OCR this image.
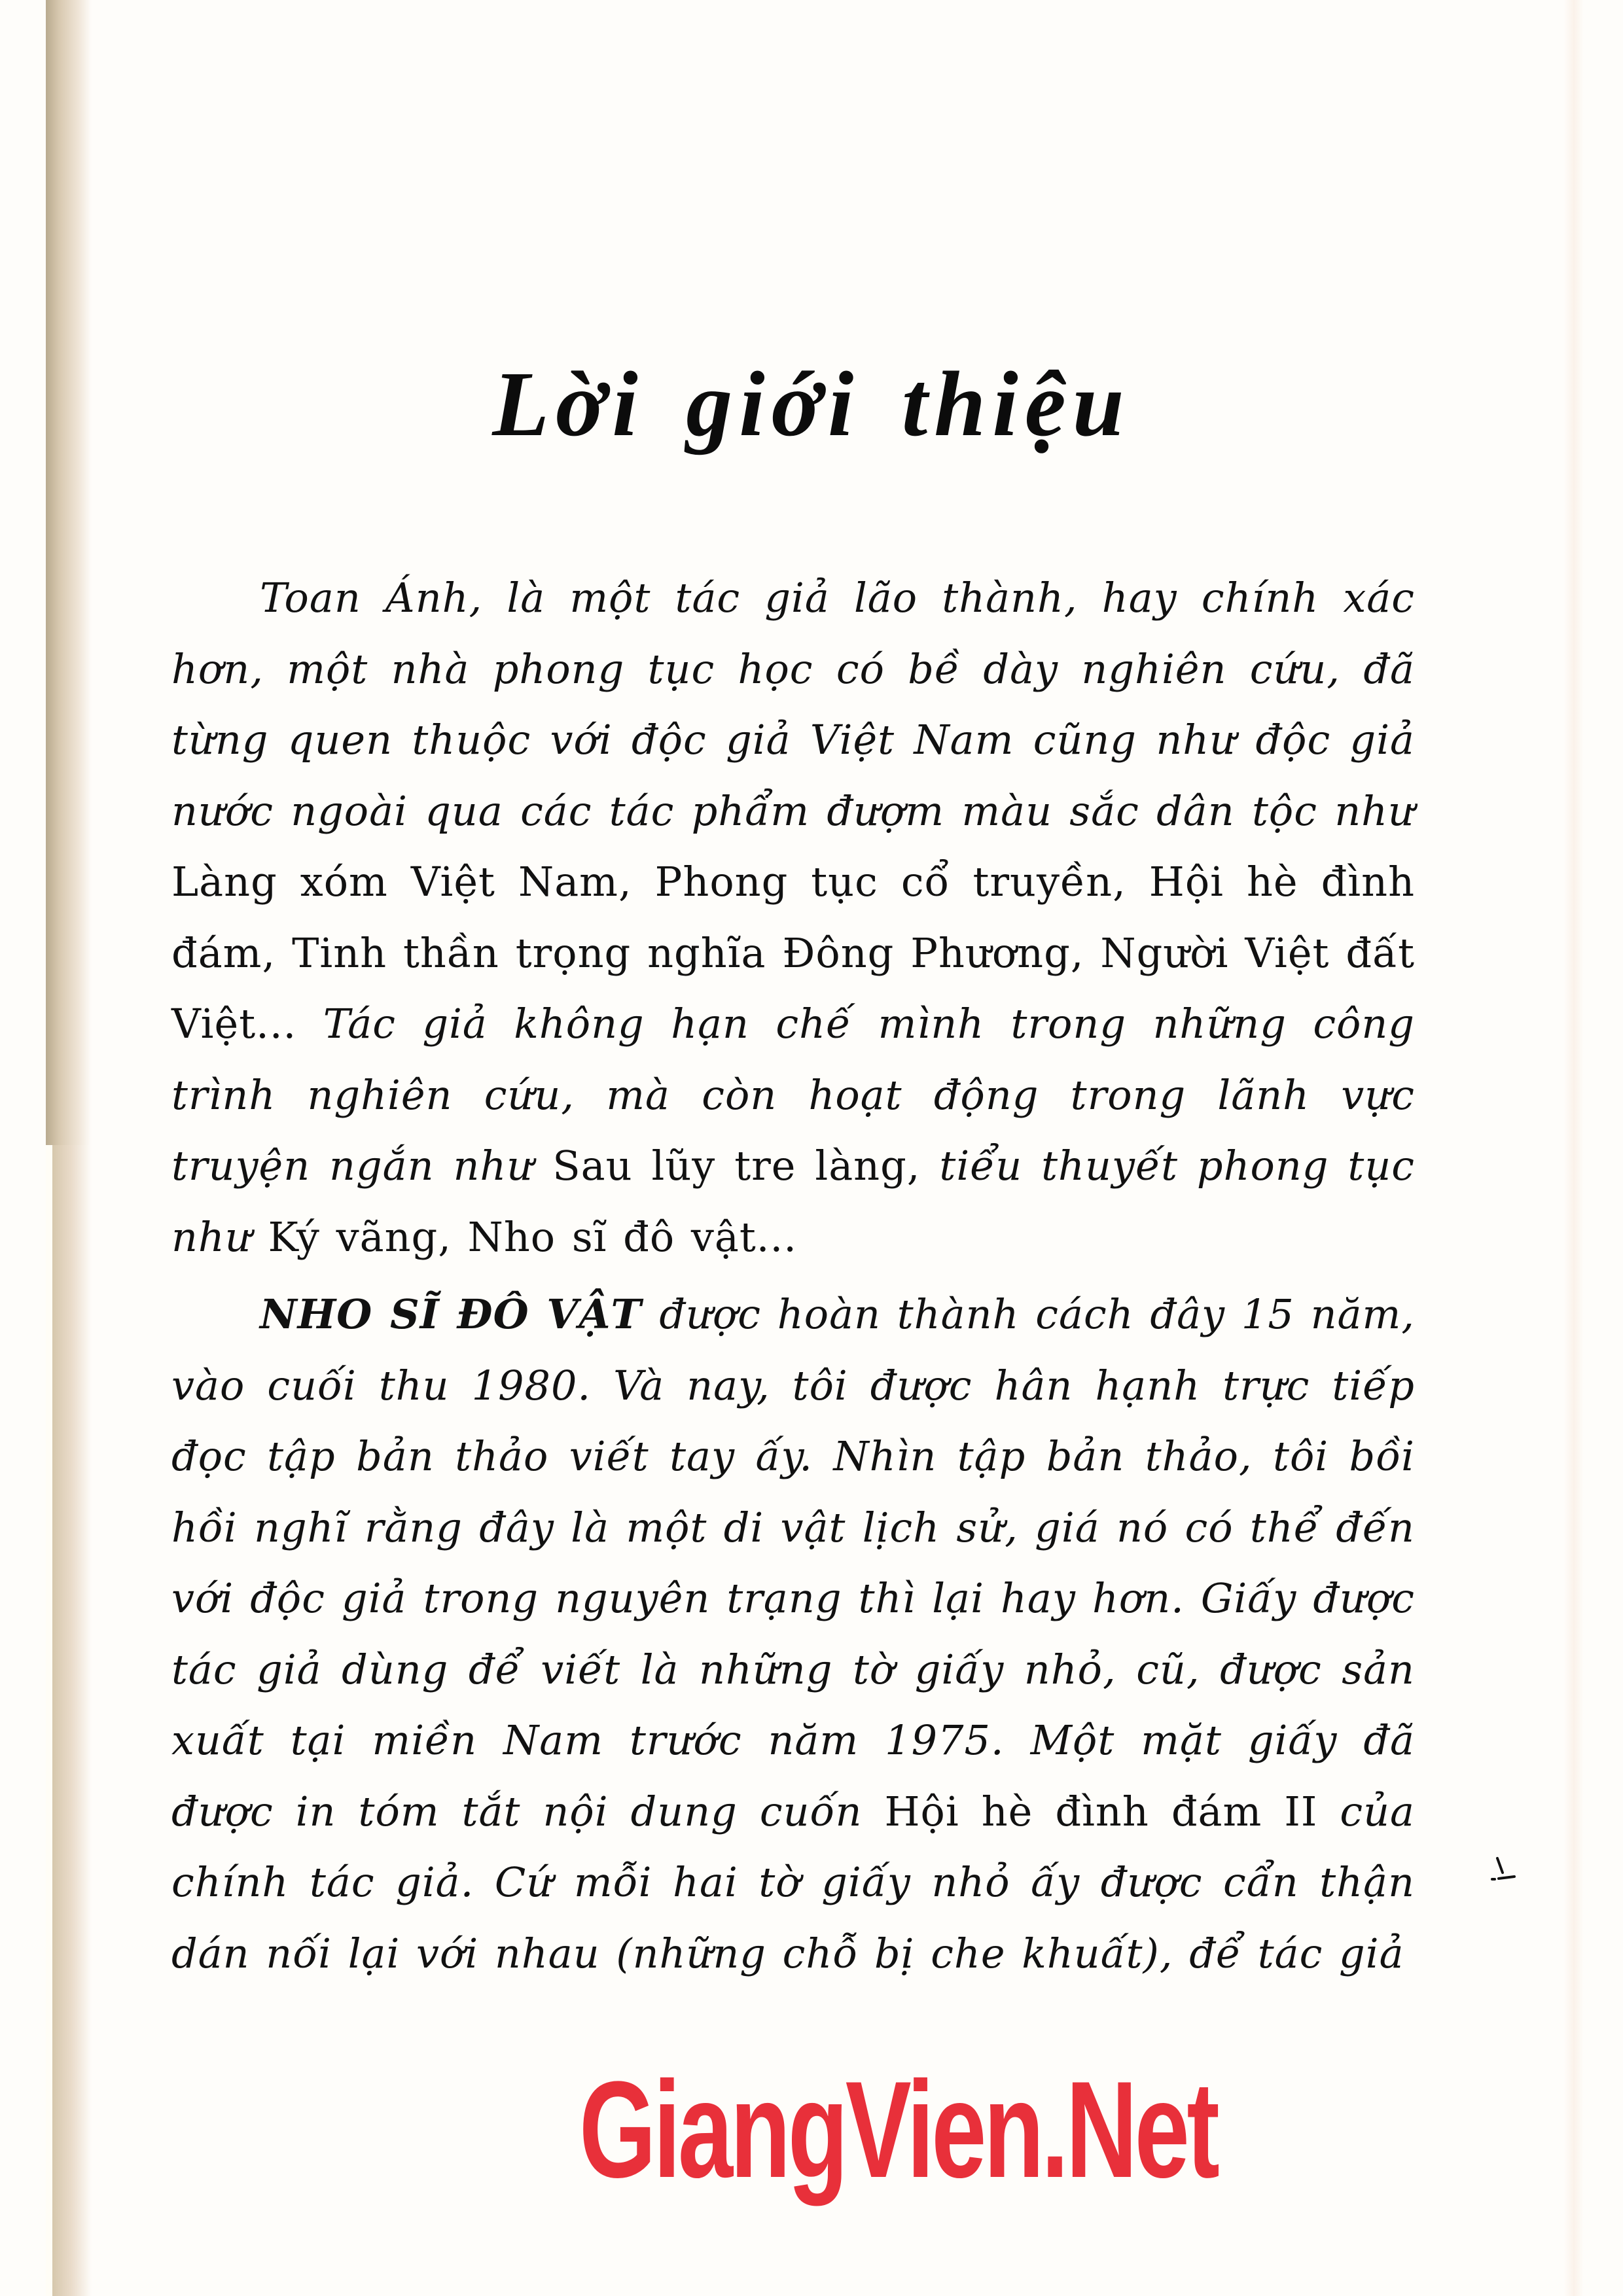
Lời giới thiệu

Toan Ánh, là một tác giả lão thành, hay chính xác hơn, một nhà phong tục học có bề dày nghiên cứu, đã từng quen thuộc với độc giả Việt Nam cũng như độc giả nước ngoài qua các tác phẩm đượm màu sắc dân tộc như Làng xóm Việt Nam, Phong tục cổ truyền, Hội hè đình đám, Tinh thần trọng nghĩa Đông Phương, Người Việt đất Việt... Tác giả không hạn chế mình trong những công trình nghiên cứu, mà còn hoạt động trong lãnh vực truyện ngắn như Sau lũy tre làng, tiểu thuyết phong tục như Ký vãng, Nho sĩ đô vật...

NHO SĨ ĐÔ VẬT được hoàn thành cách đây 15 năm, vào cuối thu 1980. Và nay, tôi được hân hạnh trực tiếp đọc tập bản thảo viết tay ấy. Nhìn tập bản thảo, tôi bồi hồi nghĩ rằng đây là một di vật lịch sử, giá nó có thể đến với độc giả trong nguyên trạng thì lại hay hơn. Giấy được tác giả dùng để viết là những tờ giấy nhỏ, cũ, được sản xuất tại miền Nam trước năm 1975. Một mặt giấy đã được in tóm tắt nội dung cuốn Hội hè đình đám II của chính tác giả. Cứ mỗi hai tờ giấy nhỏ ấy được cẩn thận dán nối lại với nhau (những chỗ bị che khuất), để tác giả

GiangVien.Net
